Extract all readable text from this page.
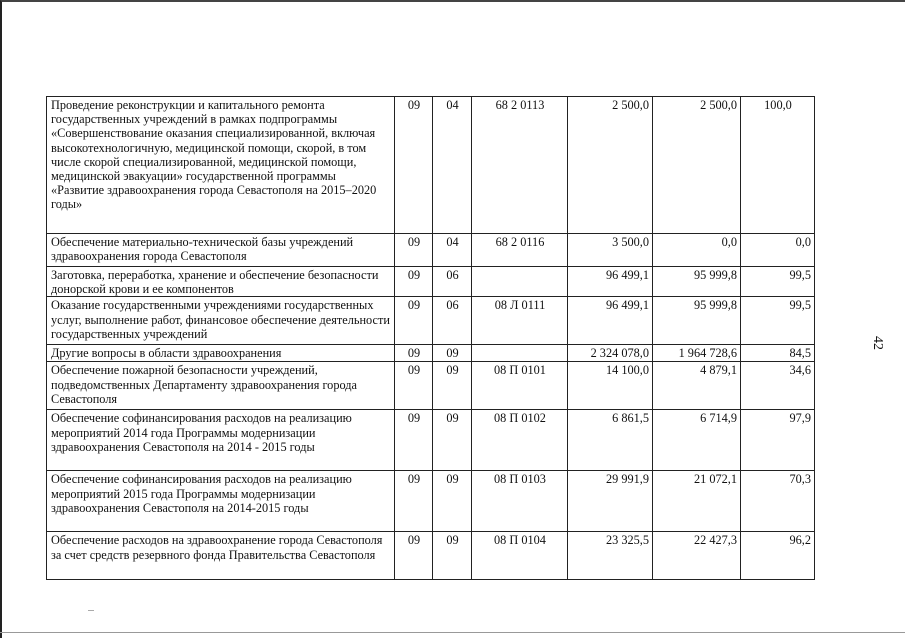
42
Проведение реконструкции и капитального ремонта государственных учреждений в рамках подпрограммы «Совершенствование оказания специализированной, включая высокотехнологичную, медицинской помощи, скорой, в том числе скорой специализированной, медицинской помощи, медицинской эвакуации» государственной программы «Развитие здравоохранения города Севастополя на 2015–2020 годы»	09	04	68 2 0113	2 500,0	2 500,0	100,0
Обеспечение материально-технической базы учреждений здравоохранения города Севастополя	09	04	68 2 0116	3 500,0	0,0	0,0
Заготовка, переработка, хранение и обеспечение безопасности донорской крови и ее компонентов	09	06		96 499,1	95 999,8	99,5
Оказание государственными учреждениями государственных услуг, выполнение работ, финансовое обеспечение деятельности государственных учреждений	09	06	08 Л 0111	96 499,1	95 999,8	99,5
Другие вопросы в области здравоохранения	09	09		2 324 078,0	1 964 728,6	84,5
Обеспечение пожарной безопасности учреждений, подведомственных Департаменту здравоохранения города Севастополя	09	09	08 П 0101	14 100,0	4 879,1	34,6
Обеспечение софинансирования расходов на реализацию мероприятий 2014 года Программы модернизации здравоохранения Севастополя на 2014 - 2015 годы	09	09	08 П 0102	6 861,5	6 714,9	97,9
Обеспечение софинансирования расходов на реализацию мероприятий 2015 года Программы модернизации здравоохранения Севастополя на 2014-2015 годы	09	09	08 П 0103	29 991,9	21 072,1	70,3
Обеспечение расходов на здравоохранение города Севастополя за счет средств резервного фонда Правительства Севастополя	09	09	08 П 0104	23 325,5	22 427,3	96,2
